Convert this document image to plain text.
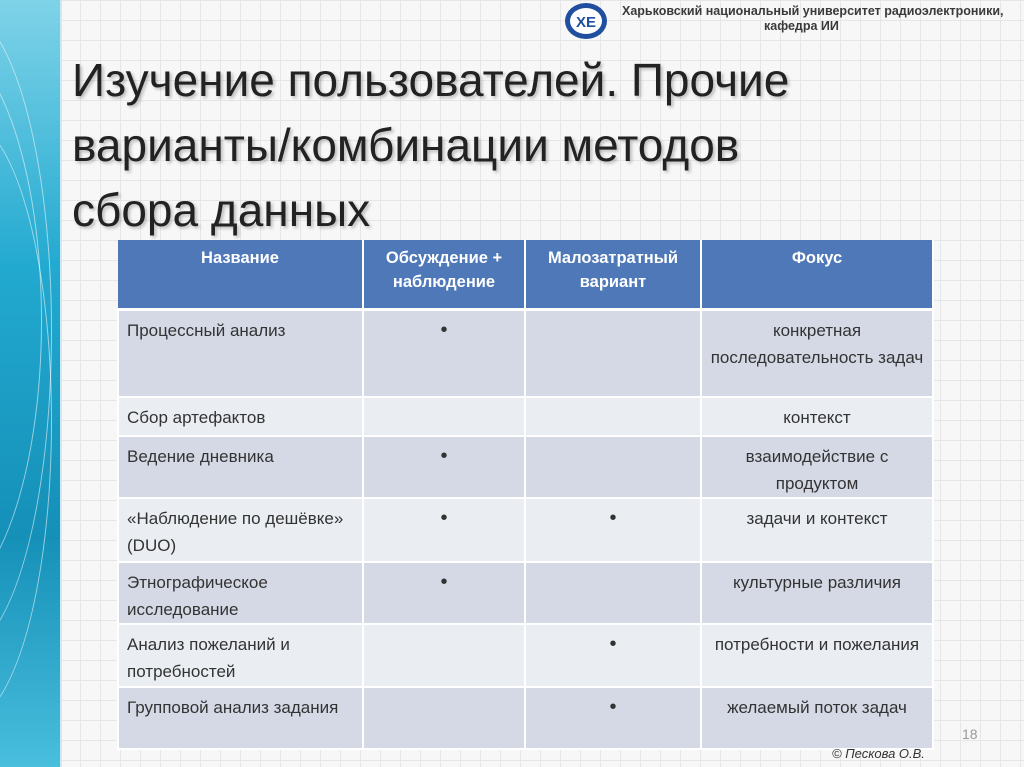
ХЕ
Харьковский национальный университет радиоэлектроники,
кафедра ИИ
Изучение пользователей. Прочие
варианты/комбинации методов
сбора данных
Название	Обсуждение + наблюдение	Малозатратный вариант	Фокус
Процессный анализ	•		конкретная последовательность задач
Сбор артефактов			контекст
Ведение дневника	•		взаимодействие с продуктом
«Наблюдение по дешёвке» (DUO)	•	•	задачи и контекст
Этнографическое исследование	•		культурные различия
Анализ пожеланий и потребностей		•	потребности и пожелания
Групповой анализ задания		•	желаемый поток задач
18
© Пескова О.В.
